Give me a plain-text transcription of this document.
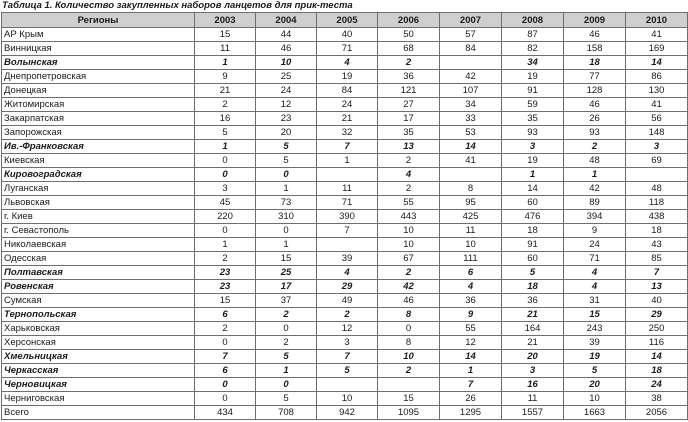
Таблица 1. Количество закупленных наборов ланцетов для прик-теста
Регионы	2003	2004	2005	2006	2007	2008	2009	2010
АР Крым	15	44	40	50	57	87	46	41
Винницкая	11	46	71	68	84	82	158	169
Волынская	1	10	4	2		34	18	14
Днепропетровская	9	25	19	36	42	19	77	86
Донецкая	21	24	84	121	107	91	128	130
Житомирская	2	12	24	27	34	59	46	41
Закарпатская	16	23	21	17	33	35	26	56
Запорожская	5	20	32	35	53	93	93	148
Ив.-Франковская	1	5	7	13	14	3	2	3
Киевская	0	5	1	2	41	19	48	69
Кировоградская	0	0		4		1	1	
Луганская	3	1	11	2	8	14	42	48
Львовская	45	73	71	55	95	60	89	118
г. Киев	220	310	390	443	425	476	394	438
г. Севастополь	0	0	7	10	11	18	9	18
Николаевская	1	1		10	10	91	24	43
Одесская	2	15	39	67	111	60	71	85
Полтавская	23	25	4	2	6	5	4	7
Ровенская	23	17	29	42	4	18	4	13
Сумская	15	37	49	46	36	36	31	40
Тернопольская	6	2	2	8	9	21	15	29
Харьковская	2	0	12	0	55	164	243	250
Херсонская	0	2	3	8	12	21	39	116
Хмельницкая	7	5	7	10	14	20	19	14
Черкасская	6	1	5	2	1	3	5	18
Черновицкая	0	0			7	16	20	24
Черниговская	0	5	10	15	26	11	10	38
Всего	434	708	942	1095	1295	1557	1663	2056
